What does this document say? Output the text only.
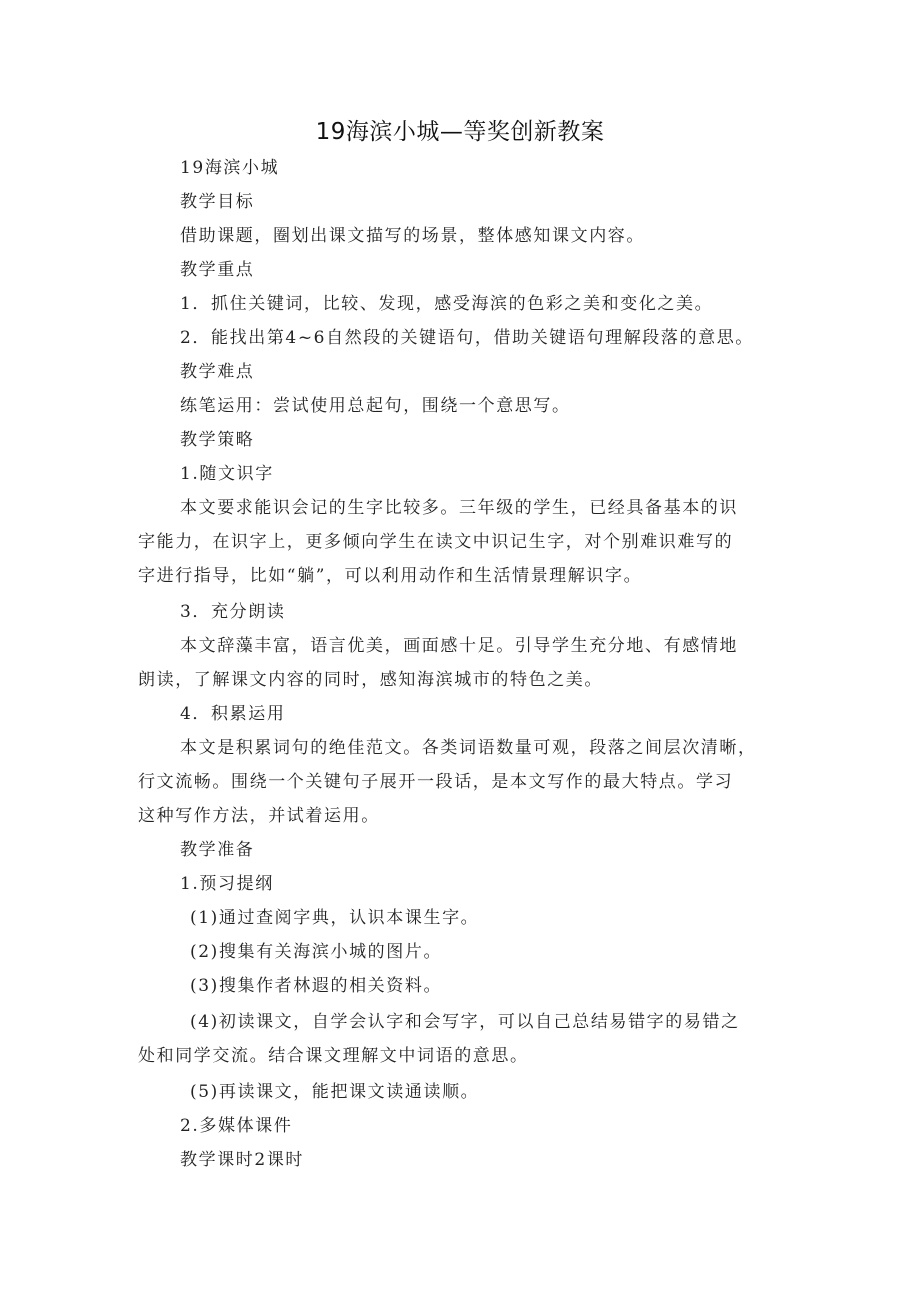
19海滨小城—等奖创新教案
19海滨小城
教学目标
借助课题，圈划出课文描写的场景，整体感知课文内容。
教学重点
1．抓住关键词，比较、发现，感受海滨的色彩之美和变化之美。
2．能找出第4~6自然段的关键语句，借助关键语句理解段落的意思。
教学难点
练笔运用：尝试使用总起句，围绕一个意思写。
教学策略
1.随文识字
本文要求能识会记的生字比较多。三年级的学生，已经具备基本的识
字能力，在识字上，更多倾向学生在读文中识记生字，对个别难识难写的
字进行指导，比如“躺”，可以利用动作和生活情景理解识字。
3．充分朗读
本文辞藻丰富，语言优美，画面感十足。引导学生充分地、有感情地
朗读，了解课文内容的同时，感知海滨城市的特色之美。
4．积累运用
本文是积累词句的绝佳范文。各类词语数量可观，段落之间层次清晰，
行文流畅。围绕一个关键句子展开一段话，是本文写作的最大特点。学习
这种写作方法，并试着运用。
教学准备
1.预习提纲
(1)通过查阅字典，认识本课生字。
(2)搜集有关海滨小城的图片。
(3)搜集作者林遐的相关资料。
(4)初读课文，自学会认字和会写字，可以自己总结易错字的易错之
处和同学交流。结合课文理解文中词语的意思。
(5)再读课文，能把课文读通读顺。
2.多媒体课件
教学课时2课时
